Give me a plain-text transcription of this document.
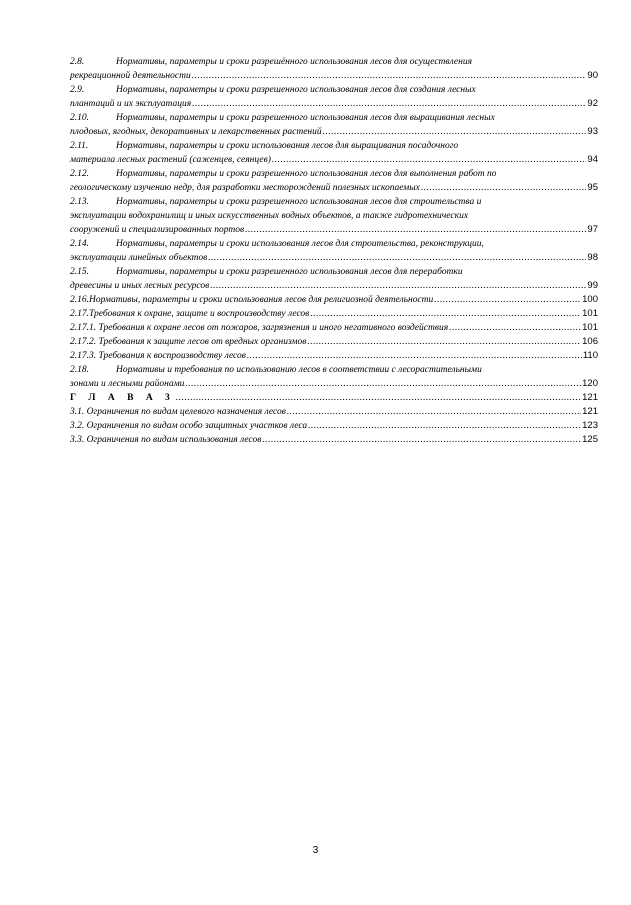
2.8.	Нормативы, параметры и сроки разрешённого использования лесов для осуществления
рекреационной деятельности .....	90
2.9.	Нормативы, параметры и сроки разрешенного использования лесов для создания лесных
плантаций и их эксплуатация .....	92
2.10.	Нормативы, параметры и сроки разрешенного использования лесов для выращивания лесных
плодовых, ягодных, декоративных и лекарственных растений .....	93
2.11.	Нормативы, параметры и сроки использования лесов для выращивания посадочного
материала лесных растений (саженцев, сеянцев) .....	94
2.12.	Нормативы, параметры и сроки разрешенного использования лесов для выполнения работ по
геологическому изучению недр, для разработки месторождений полезных ископаемых .....	95
2.13.	Нормативы, параметры и сроки разрешенного использования лесов для строительства и
эксплуатации водохранилищ и иных искусственных водных объектов, а также гидротехнических
сооружений и специализированных портов .....	97
2.14.	Нормативы, параметры и сроки использования лесов для строительства, реконструкции,
эксплуатации линейных объектов .....	98
2.15.	Нормативы, параметры и сроки разрешенного использования лесов для переработки
древесины и иных лесных ресурсов .....	99
2.16. Нормативы, параметры и сроки использования лесов для религиозной деятельности .....	100
2.17. Требования к охране, защите и воспроизводству лесов .....	101
2.17.1. Требования к охране лесов от пожаров, загрязнения и иного негативного воздействия .....	101
2.17.2. Требования к защите лесов от вредных организмов .....	106
2.17.3. Требования к воспроизводству лесов .....	110
2.18.	Нормативы и требования по использованию лесов в соответствии с лесорастительными
зонами и лесными районами .....	120
Г Л А В А 3 .....	121
3.1. Ограничения по видам целевого назначения лесов .....	121
3.2. Ограничения по видам особо защитных участков леса .....	123
3.3. Ограничения по видам использования лесов .....	125
3
